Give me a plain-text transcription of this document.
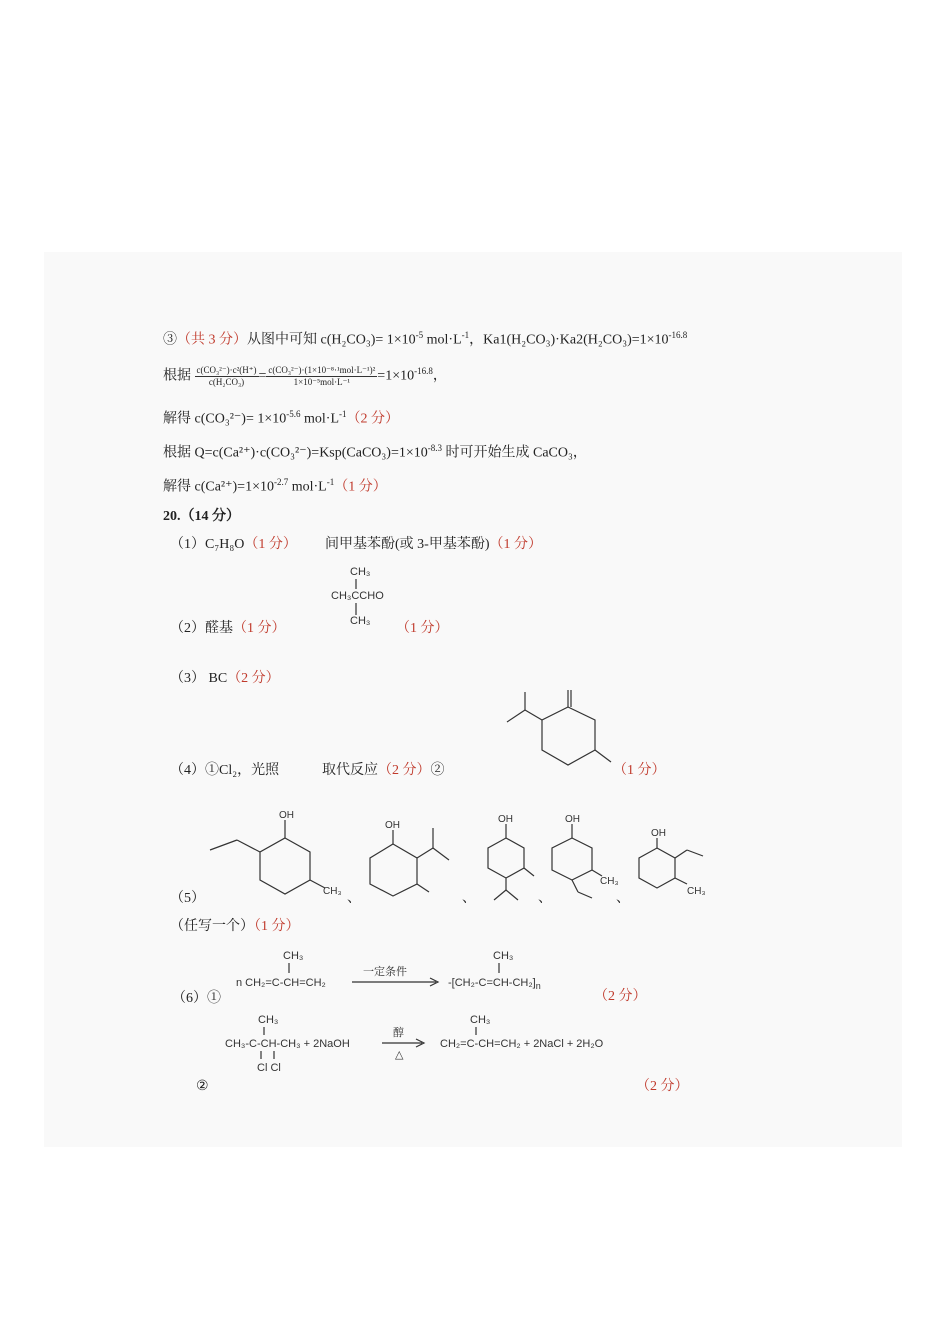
③（共 3 分）从图中可知 $c(H_2CO_3)= 1\times 10^{-5}$ $mol\cdot L^{-1}$，$Ka1(H_2CO_3)\cdot Ka2(H_2CO_3)=1\times 10^{-16.8}$
根据 $\frac{\text{c(CO₃²⁻)·c²(H⁺)}}{\text{c(H₂CO₃)}} = \frac{\text{c(CO₃²⁻)·(1×10⁻⁸·¹mol·L⁻¹)²}}{\text{1×10⁻⁵mol·L⁻¹}} =1\times 10^{-16.8}$，
解得 $c(CO_3^{2-})= 1\times 10^{-5.6}$ $mol\cdot L^{-1}(2$ 分）
根据 $Q=c(Ca^{2+})\cdot c(CO_3^{2-})=Ksp(CaCO_3)=1\times 10^{-8.3}$ 时可开始生成 CaCO₃，
解得 $c(Ca^{2+})=1\times 10^{-2.7}$ $mol\cdot L^{-1}(1$ 分）
20.（14 分）
（1）C₇H₈O（1 分） 间甲基苯酚(或 3-甲基苯酚)（1 分）
CH₃
CH₃CCHO
CH₃
（2）醛基（1 分）	（1 分）
（3） BC（2 分）
（4）①Cl₂，光照	取代反应（2 分）②	（1 分）
OH
CH₃
OH
OH	OH
CH₃
OH
CH₃
（5）	、	、	、	、
（任写一个）（1 分）
CH₃
n CH₂=C-CH=CH₂
一定条件
CH₃
$-[CH_2-C=CH-CH_2]_n$
（6）①	（2 分）
CH₃
CH₃-C-CH-CH₃ + 2NaOH
Cl Cl
醇
△
CH₃
CH₂=C-CH=CH₂ + 2NaCl + 2H₂O
②	（2 分）
